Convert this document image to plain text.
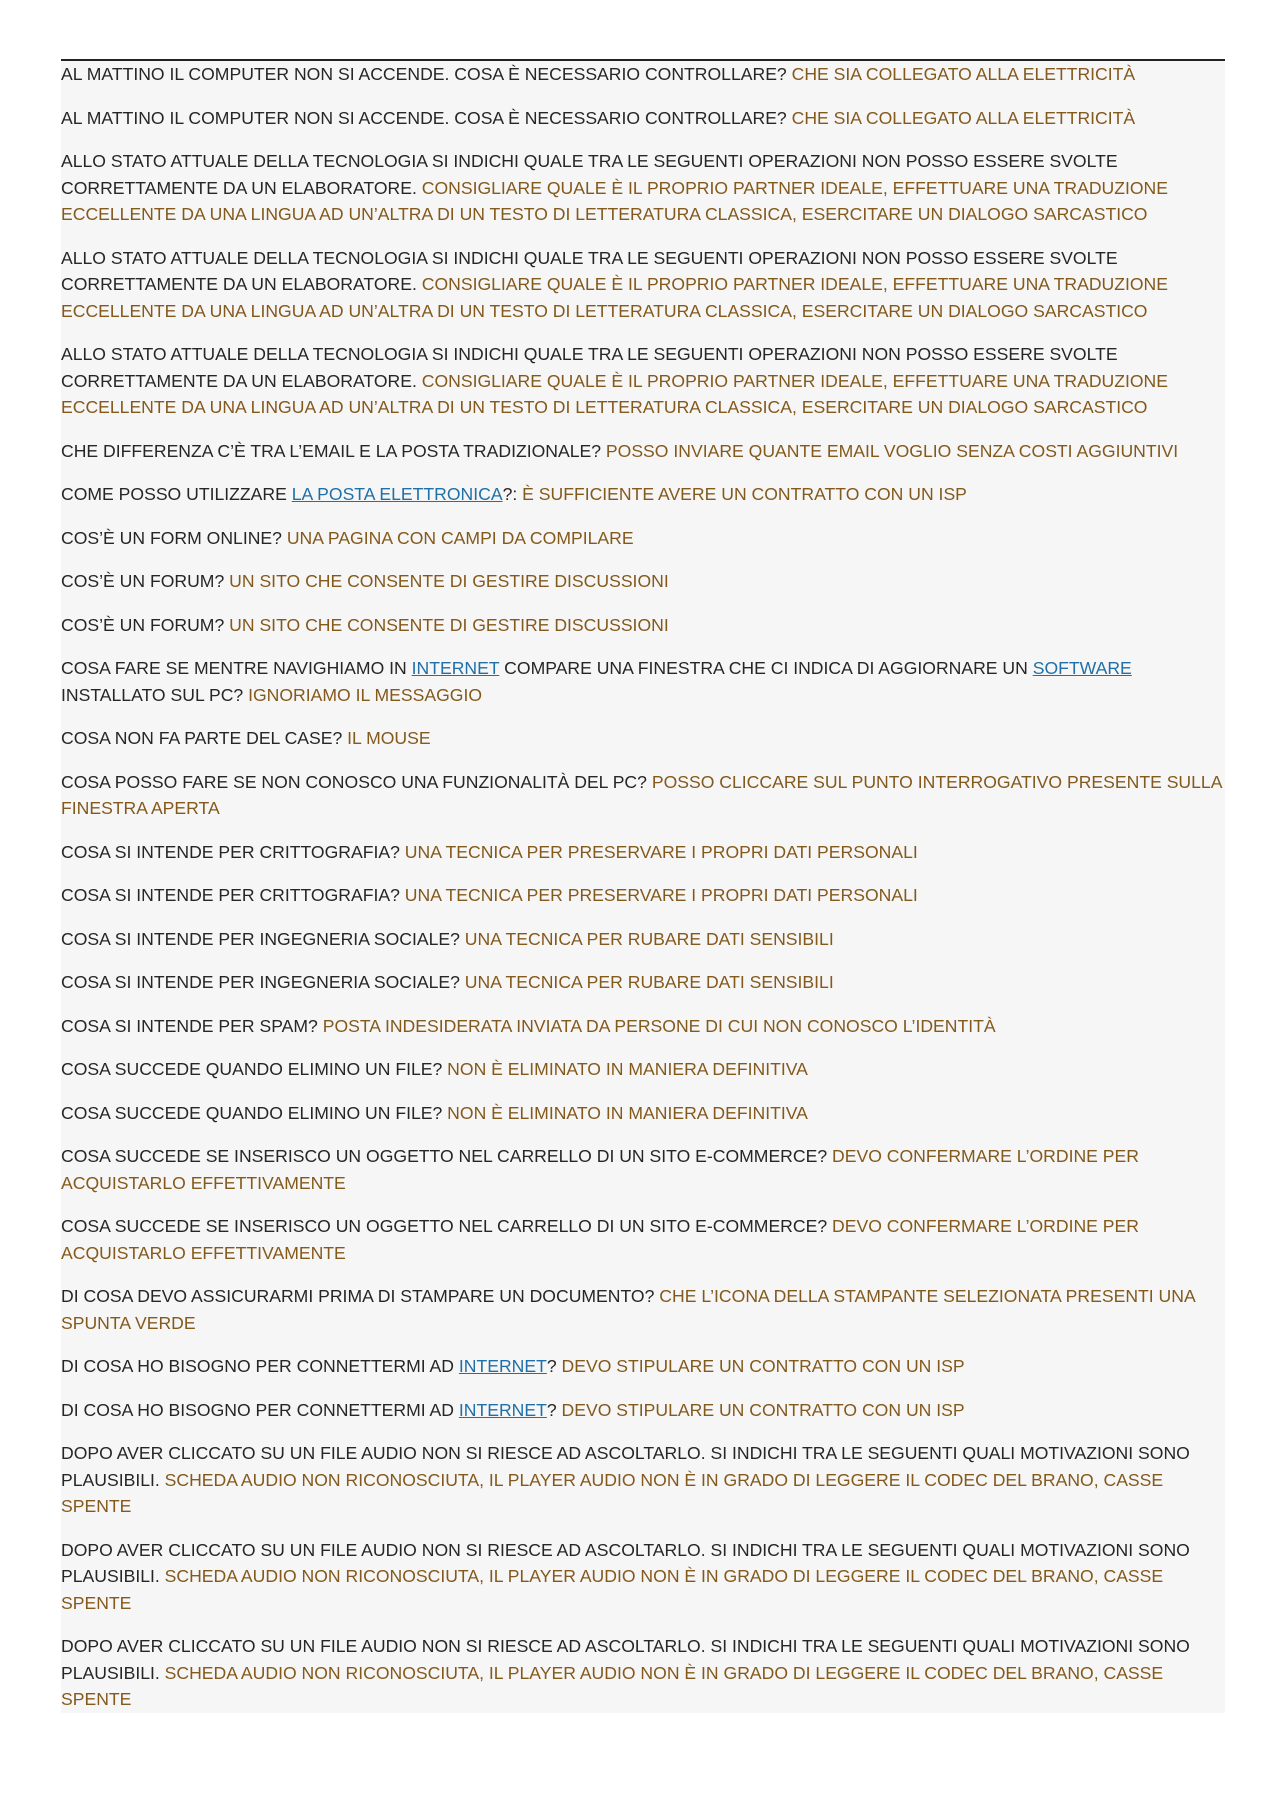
AL MATTINO IL COMPUTER NON SI ACCENDE. COSA È NECESSARIO CONTROLLARE? CHE SIA COLLEGATO ALLA ELETTRICITÀ

AL MATTINO IL COMPUTER NON SI ACCENDE. COSA È NECESSARIO CONTROLLARE? CHE SIA COLLEGATO ALLA ELETTRICITÀ

ALLO STATO ATTUALE DELLA TECNOLOGIA SI INDICHI QUALE TRA LE SEGUENTI OPERAZIONI NON POSSO ESSERE SVOLTE CORRETTAMENTE DA UN ELABORATORE. CONSIGLIARE QUALE È IL PROPRIO PARTNER IDEALE, EFFETTUARE UNA TRADUZIONE ECCELLENTE DA UNA LINGUA AD UN’ALTRA DI UN TESTO DI LETTERATURA CLASSICA, ESERCITARE UN DIALOGO SARCASTICO

ALLO STATO ATTUALE DELLA TECNOLOGIA SI INDICHI QUALE TRA LE SEGUENTI OPERAZIONI NON POSSO ESSERE SVOLTE CORRETTAMENTE DA UN ELABORATORE. CONSIGLIARE QUALE È IL PROPRIO PARTNER IDEALE, EFFETTUARE UNA TRADUZIONE ECCELLENTE DA UNA LINGUA AD UN’ALTRA DI UN TESTO DI LETTERATURA CLASSICA, ESERCITARE UN DIALOGO SARCASTICO

ALLO STATO ATTUALE DELLA TECNOLOGIA SI INDICHI QUALE TRA LE SEGUENTI OPERAZIONI NON POSSO ESSERE SVOLTE CORRETTAMENTE DA UN ELABORATORE. CONSIGLIARE QUALE È IL PROPRIO PARTNER IDEALE, EFFETTUARE UNA TRADUZIONE ECCELLENTE DA UNA LINGUA AD UN’ALTRA DI UN TESTO DI LETTERATURA CLASSICA, ESERCITARE UN DIALOGO SARCASTICO

CHE DIFFERENZA C’È TRA L’EMAIL E LA POSTA TRADIZIONALE? POSSO INVIARE QUANTE EMAIL VOGLIO SENZA COSTI AGGIUNTIVI

COME POSSO UTILIZZARE LA POSTA ELETTRONICA?: È SUFFICIENTE AVERE UN CONTRATTO CON UN ISP

COS’È UN FORM ONLINE? UNA PAGINA CON CAMPI DA COMPILARE

COS’È UN FORUM? UN SITO CHE CONSENTE DI GESTIRE DISCUSSIONI

COS’È UN FORUM? UN SITO CHE CONSENTE DI GESTIRE DISCUSSIONI

COSA FARE SE MENTRE NAVIGHIAMO IN INTERNET COMPARE UNA FINESTRA CHE CI INDICA DI AGGIORNARE UN SOFTWARE INSTALLATO SUL PC? IGNORIAMO IL MESSAGGIO

COSA NON FA PARTE DEL CASE? IL MOUSE

COSA POSSO FARE SE NON CONOSCO UNA FUNZIONALITÀ DEL PC? POSSO CLICCARE SUL PUNTO INTERROGATIVO PRESENTE SULLA FINESTRA APERTA

COSA SI INTENDE PER CRITTOGRAFIA? UNA TECNICA PER PRESERVARE I PROPRI DATI PERSONALI

COSA SI INTENDE PER CRITTOGRAFIA? UNA TECNICA PER PRESERVARE I PROPRI DATI PERSONALI

COSA SI INTENDE PER INGEGNERIA SOCIALE? UNA TECNICA PER RUBARE DATI SENSIBILI

COSA SI INTENDE PER INGEGNERIA SOCIALE? UNA TECNICA PER RUBARE DATI SENSIBILI

COSA SI INTENDE PER SPAM? POSTA INDESIDERATA INVIATA DA PERSONE DI CUI NON CONOSCO L’IDENTITÀ

COSA SUCCEDE QUANDO ELIMINO UN FILE? NON È ELIMINATO IN MANIERA DEFINITIVA

COSA SUCCEDE QUANDO ELIMINO UN FILE? NON È ELIMINATO IN MANIERA DEFINITIVA

COSA SUCCEDE SE INSERISCO UN OGGETTO NEL CARRELLO DI UN SITO E-COMMERCE? DEVO CONFERMARE L’ORDINE PER ACQUISTARLO EFFETTIVAMENTE

COSA SUCCEDE SE INSERISCO UN OGGETTO NEL CARRELLO DI UN SITO E-COMMERCE? DEVO CONFERMARE L’ORDINE PER ACQUISTARLO EFFETTIVAMENTE

DI COSA DEVO ASSICURARMI PRIMA DI STAMPARE UN DOCUMENTO? CHE L’ICONA DELLA STAMPANTE SELEZIONATA PRESENTI UNA SPUNTA VERDE

DI COSA HO BISOGNO PER CONNETTERMI AD INTERNET? DEVO STIPULARE UN CONTRATTO CON UN ISP

DI COSA HO BISOGNO PER CONNETTERMI AD INTERNET? DEVO STIPULARE UN CONTRATTO CON UN ISP

DOPO AVER CLICCATO SU UN FILE AUDIO NON SI RIESCE AD ASCOLTARLO. SI INDICHI TRA LE SEGUENTI QUALI MOTIVAZIONI SONO PLAUSIBILI. SCHEDA AUDIO NON RICONOSCIUTA, IL PLAYER AUDIO NON È IN GRADO DI LEGGERE IL CODEC DEL BRANO, CASSE SPENTE

DOPO AVER CLICCATO SU UN FILE AUDIO NON SI RIESCE AD ASCOLTARLO. SI INDICHI TRA LE SEGUENTI QUALI MOTIVAZIONI SONO PLAUSIBILI. SCHEDA AUDIO NON RICONOSCIUTA, IL PLAYER AUDIO NON È IN GRADO DI LEGGERE IL CODEC DEL BRANO, CASSE SPENTE

DOPO AVER CLICCATO SU UN FILE AUDIO NON SI RIESCE AD ASCOLTARLO. SI INDICHI TRA LE SEGUENTI QUALI MOTIVAZIONI SONO PLAUSIBILI. SCHEDA AUDIO NON RICONOSCIUTA, IL PLAYER AUDIO NON È IN GRADO DI LEGGERE IL CODEC DEL BRANO, CASSE SPENTE
